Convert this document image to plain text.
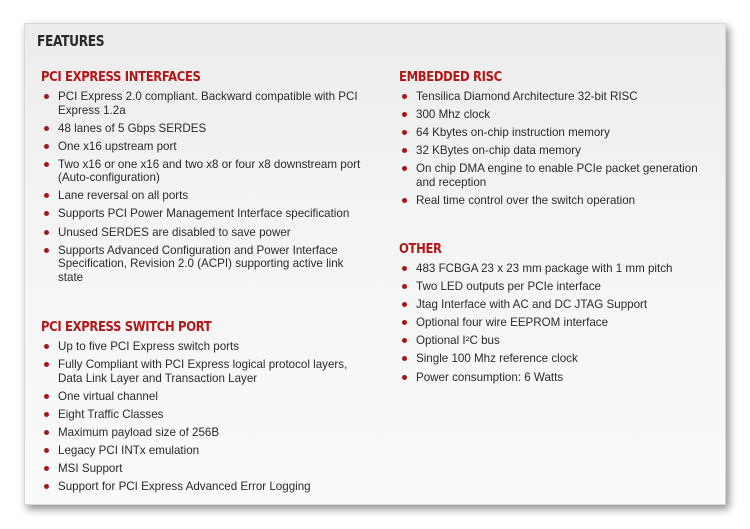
FEATURES
PCI EXPRESS INTERFACES
PCI Express 2.0 compliant. Backward compatible with PCI Express 1.2a
48 lanes of 5 Gbps SERDES
One x16 upstream port
Two x16 or one x16 and two x8 or four x8 downstream port (Auto-configuration)
Lane reversal on all ports
Supports PCI Power Management Interface specification
Unused SERDES are disabled to save power
Supports Advanced Configuration and Power Interface Specification, Revision 2.0 (ACPI) supporting active link state
PCI EXPRESS SWITCH PORT
Up to five PCI Express switch ports
Fully Compliant with PCI Express logical protocol layers, Data Link Layer and Transaction Layer
One virtual channel
Eight Traffic Classes
Maximum payload size of 256B
Legacy PCI INTx emulation
MSI Support
Support for PCI Express Advanced Error Logging
EMBEDDED RISC
Tensilica Diamond Architecture 32-bit RISC
300 Mhz clock
64 Kbytes on-chip instruction memory
32 KBytes on-chip data memory
On chip DMA engine to enable PCIe packet generation and reception
Real time control over the switch operation
OTHER
483 FCBGA 23 x 23 mm package with 1 mm pitch
Two LED outputs per PCIe interface
Jtag Interface with AC and DC JTAG Support
Optional four wire EEPROM interface
Optional I²C bus
Single 100 Mhz reference clock
Power consumption: 6 Watts
